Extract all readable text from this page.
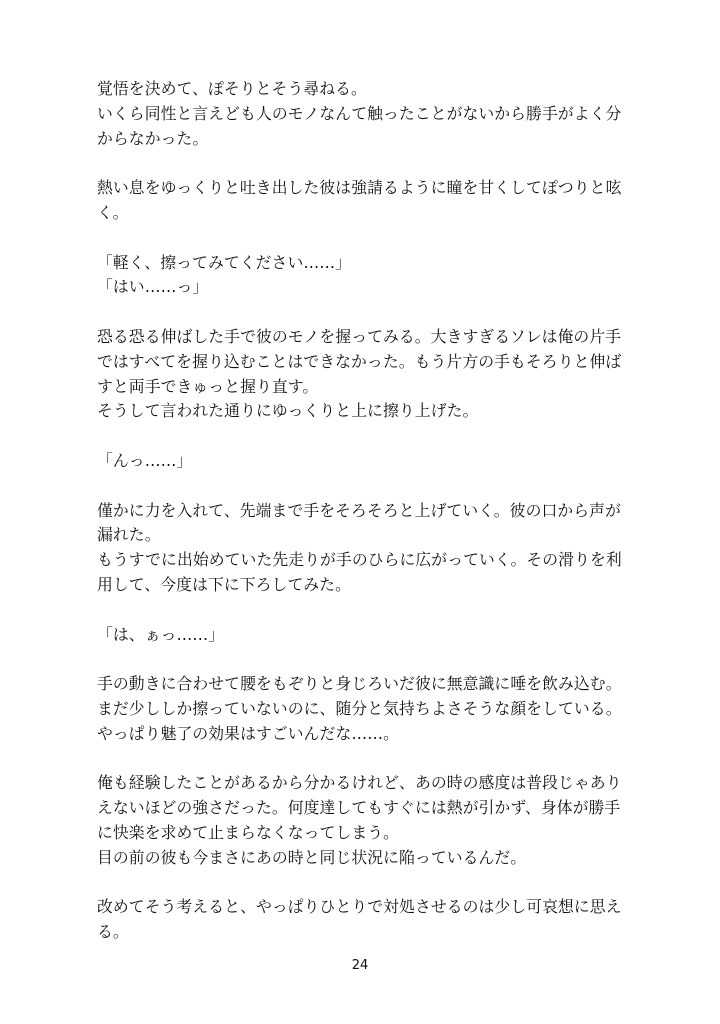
覚悟を決めて、ぽそりとそう尋ねる。
いくら同性と言えども人のモノなんて触ったことがないから勝手がよく分からなかった。
熱い息をゆっくりと吐き出した彼は強請るように瞳を甘くしてぽつりと呟く。
「軽く、擦ってみてください……」
「はい……っ」
恐る恐る伸ばした手で彼のモノを握ってみる。大きすぎるソレは俺の片手ではすべてを握り込むことはできなかった。もう片方の手もそろりと伸ばすと両手できゅっと握り直す。
そうして言われた通りにゆっくりと上に擦り上げた。
「んっ……」
僅かに力を入れて、先端まで手をそろそろと上げていく。彼の口から声が漏れた。
もうすでに出始めていた先走りが手のひらに広がっていく。その滑りを利用して、今度は下に下ろしてみた。
「は、ぁっ……」
手の動きに合わせて腰をもぞりと身じろいだ彼に無意識に唾を飲み込む。
まだ少ししか擦っていないのに、随分と気持ちよさそうな顔をしている。
やっぱり魅了の効果はすごいんだな……。
俺も経験したことがあるから分かるけれど、あの時の感度は普段じゃありえないほどの強さだった。何度達してもすぐには熱が引かず、身体が勝手に快楽を求めて止まらなくなってしまう。
目の前の彼も今まさにあの時と同じ状況に陥っているんだ。
改めてそう考えると、やっぱりひとりで対処させるのは少し可哀想に思える。
24
